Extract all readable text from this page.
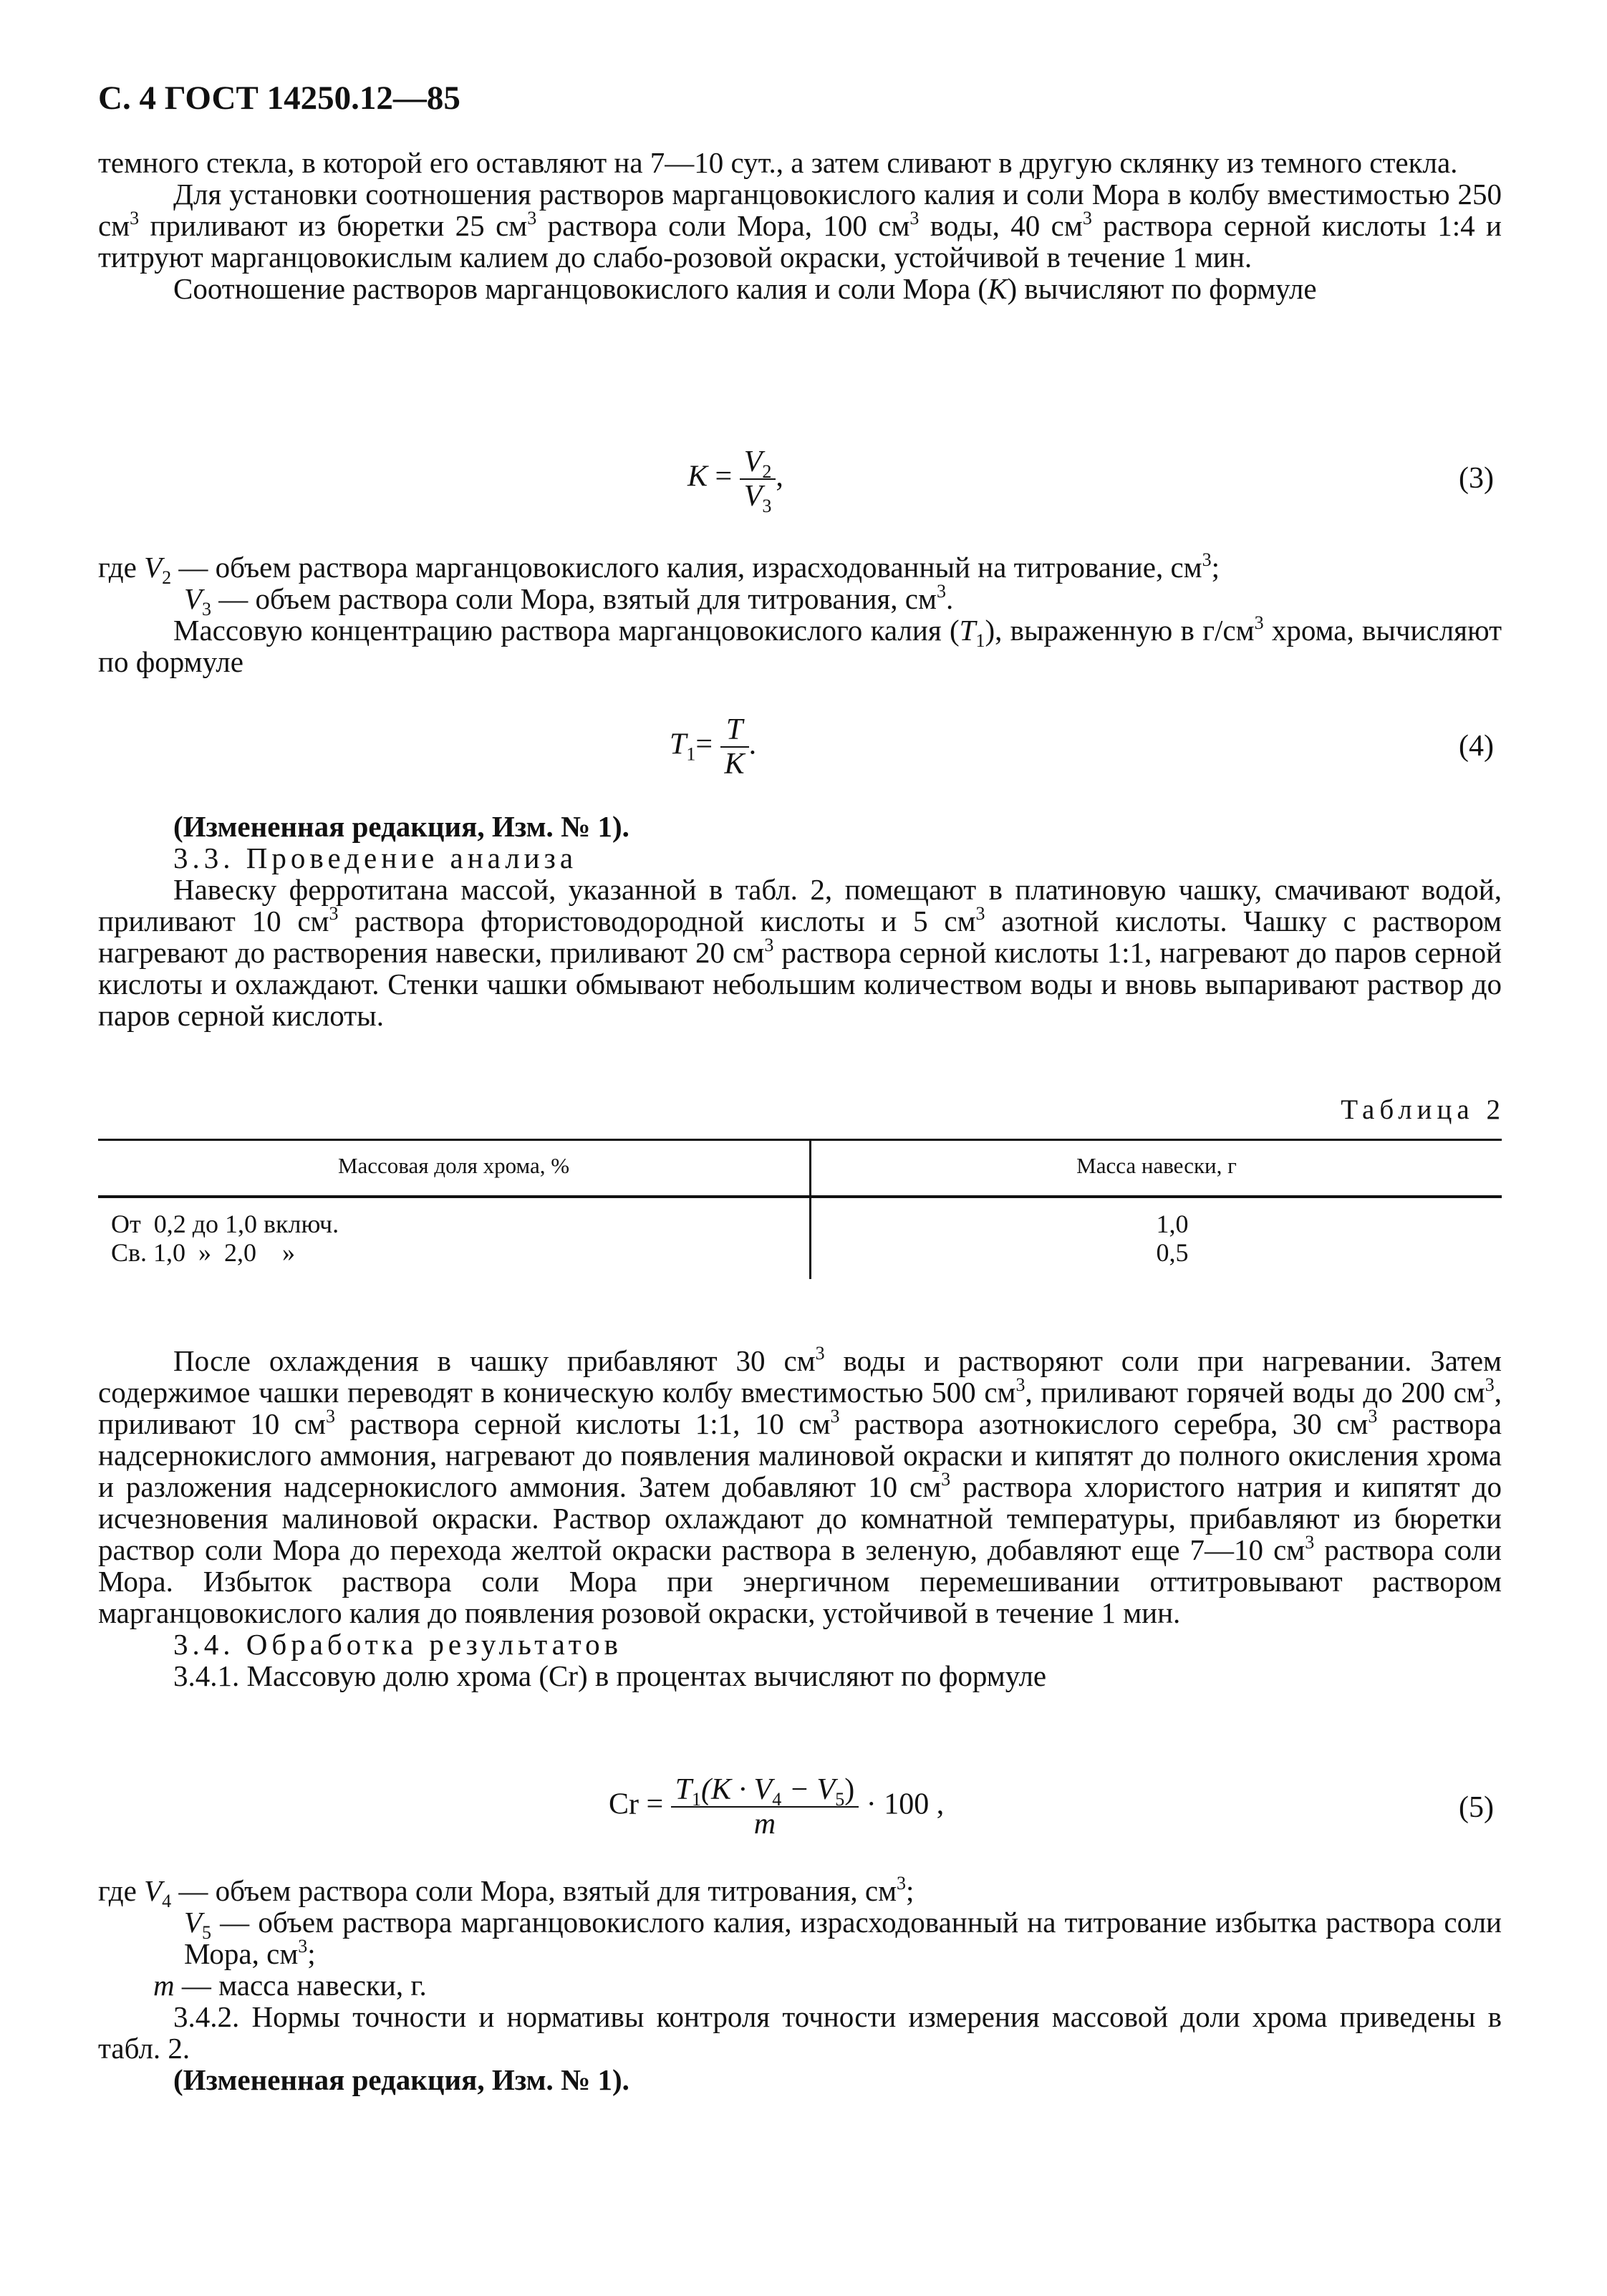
С. 4 ГОСТ 14250.12—85

темного стекла, в которой его оставляют на 7—10 сут., а затем сливают в другую склянку из темного стекла.

Для установки соотношения растворов марганцовокислого калия и соли Мора в колбу вместимостью 250 $см^3$ приливают из бюретки 25 $см^3$ раствора соли Мора, 100 $см^3$ воды, 40 $см^3$ раствора серной кислоты 1:4 и титруют марганцовокислым калием до слабо-розовой окраски, устойчивой в течение 1 мин.

Соотношение растворов марганцовокислого калия и соли Мора (K) вычисляют по формуле

$K = \frac{V_2}{V_3}$ ,	(3)

где $V_2$ — объем раствора марганцовокислого калия, израсходованный на титрование, $см^3$;

$V_3$ — объем раствора соли Мора, взятый для титрования, $см^3$.

Массовую концентрацию раствора марганцовокислого калия $(T_1)$, выраженную в $г/см^3$ хрома, вычисляют по формуле

$T_1= \frac{T}{K}$ .	(4)

(Измененная редакция, Изм. № 1).

3.3. Проведение анализа

Навеску ферротитана массой, указанной в табл. 2, помещают в платиновую чашку, смачивают водой, приливают 10 $см^3$ раствора фтористоводородной кислоты и 5 $см^3$ азотной кислоты. Чашку с раствором нагревают до растворения навески, приливают 20 $см^3$ раствора серной кислоты 1:1, нагревают до паров серной кислоты и охлаждают. Стенки чашки обмывают небольшим количеством воды и вновь выпаривают раствор до паров серной кислоты.

Таблица 2
Массовая доля хрома, %	Масса навески, г
От  0,2 до 1,0 включ.	1,0
Св. 1,0  »  2,0    »	0,5

После охлаждения в чашку прибавляют 30 $см^3$ воды и растворяют соли при нагревании. Затем содержимое чашки переводят в коническую колбу вместимостью 500 $см^3$, приливают горячей воды до 200 $см^3$, приливают 10 $см^3$ раствора серной кислоты 1:1, 10 $см^3$ раствора азотнокислого серебра, 30 $см^3$ раствора надсернокислого аммония, нагревают до появления малиновой окраски и кипятят до полного окисления хрома и разложения надсернокислого аммония. Затем добавляют 10 $см^3$ раствора хлористого натрия и кипятят до исчезновения малиновой окраски. Раствор охлаждают до комнатной температуры, прибавляют из бюретки раствор соли Мора до перехода желтой окраски раствора в зеленую, добавляют еще 7—10 $см^3$ раствора соли Мора. Избыток раствора соли Мора при энергичном перемешивании оттитровывают раствором марганцовокислого калия до появления розовой окраски, устойчивой в течение 1 мин.

3.4. Обработка результатов

3.4.1. Массовую долю хрома (Cr) в процентах вычисляют по формуле

$Cr = \frac{T_1(K \cdot V_4 - V_5)}{m} \cdot 100$ ,	(5)

где $V_4$ — объем раствора соли Мора, взятый для титрования, $см^3$;

$V_5$ — объем раствора марганцовокислого калия, израсходованный на титрование избытка раствора соли Мора, $см^3$;

m — масса навески, г.

3.4.2. Нормы точности и нормативы контроля точности измерения массовой доли хрома приведены в табл. 2.

(Измененная редакция, Изм. № 1).
